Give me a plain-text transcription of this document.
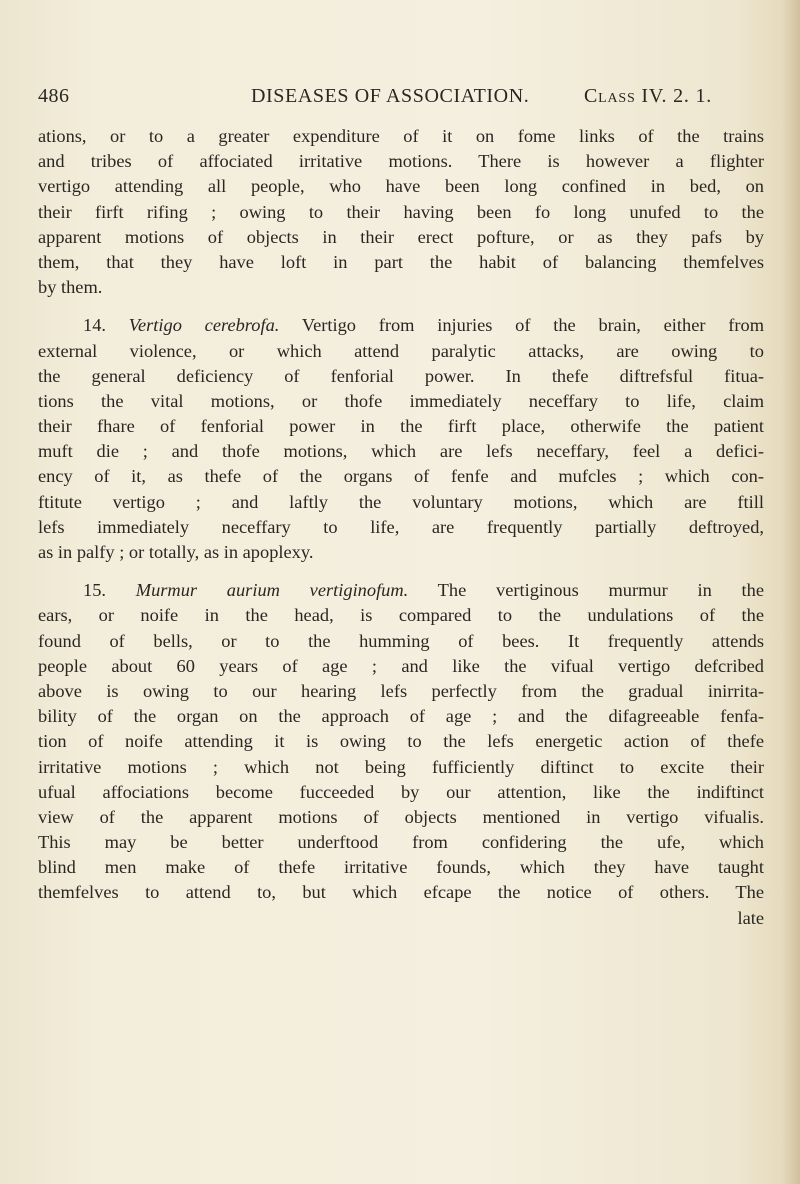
486	DISEASES OF ASSOCIATION.	Class IV. 2. 1.
ations, or to a greater expenditure of it on fome links of the trains
and tribes of affociated irritative motions. There is however a flighter
vertigo attending all people, who have been long confined in bed, on
their firft rifing ; owing to their having been fo long unufed to the
apparent motions of objects in their erect pofture, or as they pafs by
them, that they have loft in part the habit of balancing themfelves
by them.
14. Vertigo cerebrofa. Vertigo from injuries of the brain, either from
external violence, or which attend paralytic attacks, are owing to
the general deficiency of fenforial power. In thefe diftrefsful fitua-
tions the vital motions, or thofe immediately neceffary to life, claim
their fhare of fenforial power in the firft place, otherwife the patient
muft die ; and thofe motions, which are lefs neceffary, feel a defici-
ency of it, as thefe of the organs of fenfe and mufcles ; which con-
ftitute vertigo ; and laftly the voluntary motions, which are ftill
lefs immediately neceffary to life, are frequently partially deftroyed,
as in palfy ; or totally, as in apoplexy.
15. Murmur aurium vertiginofum. The vertiginous murmur in the
ears, or noife in the head, is compared to the undulations of the
found of bells, or to the humming of bees. It frequently attends
people about 60 years of age ; and like the vifual vertigo defcribed
above is owing to our hearing lefs perfectly from the gradual inirrita-
bility of the organ on the approach of age ; and the difagreeable fenfa-
tion of noife attending it is owing to the lefs energetic action of thefe
irritative motions ; which not being fufficiently diftinct to excite their
ufual affociations become fucceeded by our attention, like the indiftinct
view of the apparent motions of objects mentioned in vertigo vifualis.
This may be better underftood from confidering the ufe, which
blind men make of thefe irritative founds, which they have taught
themfelves to attend to, but which efcape the notice of others. The
late
